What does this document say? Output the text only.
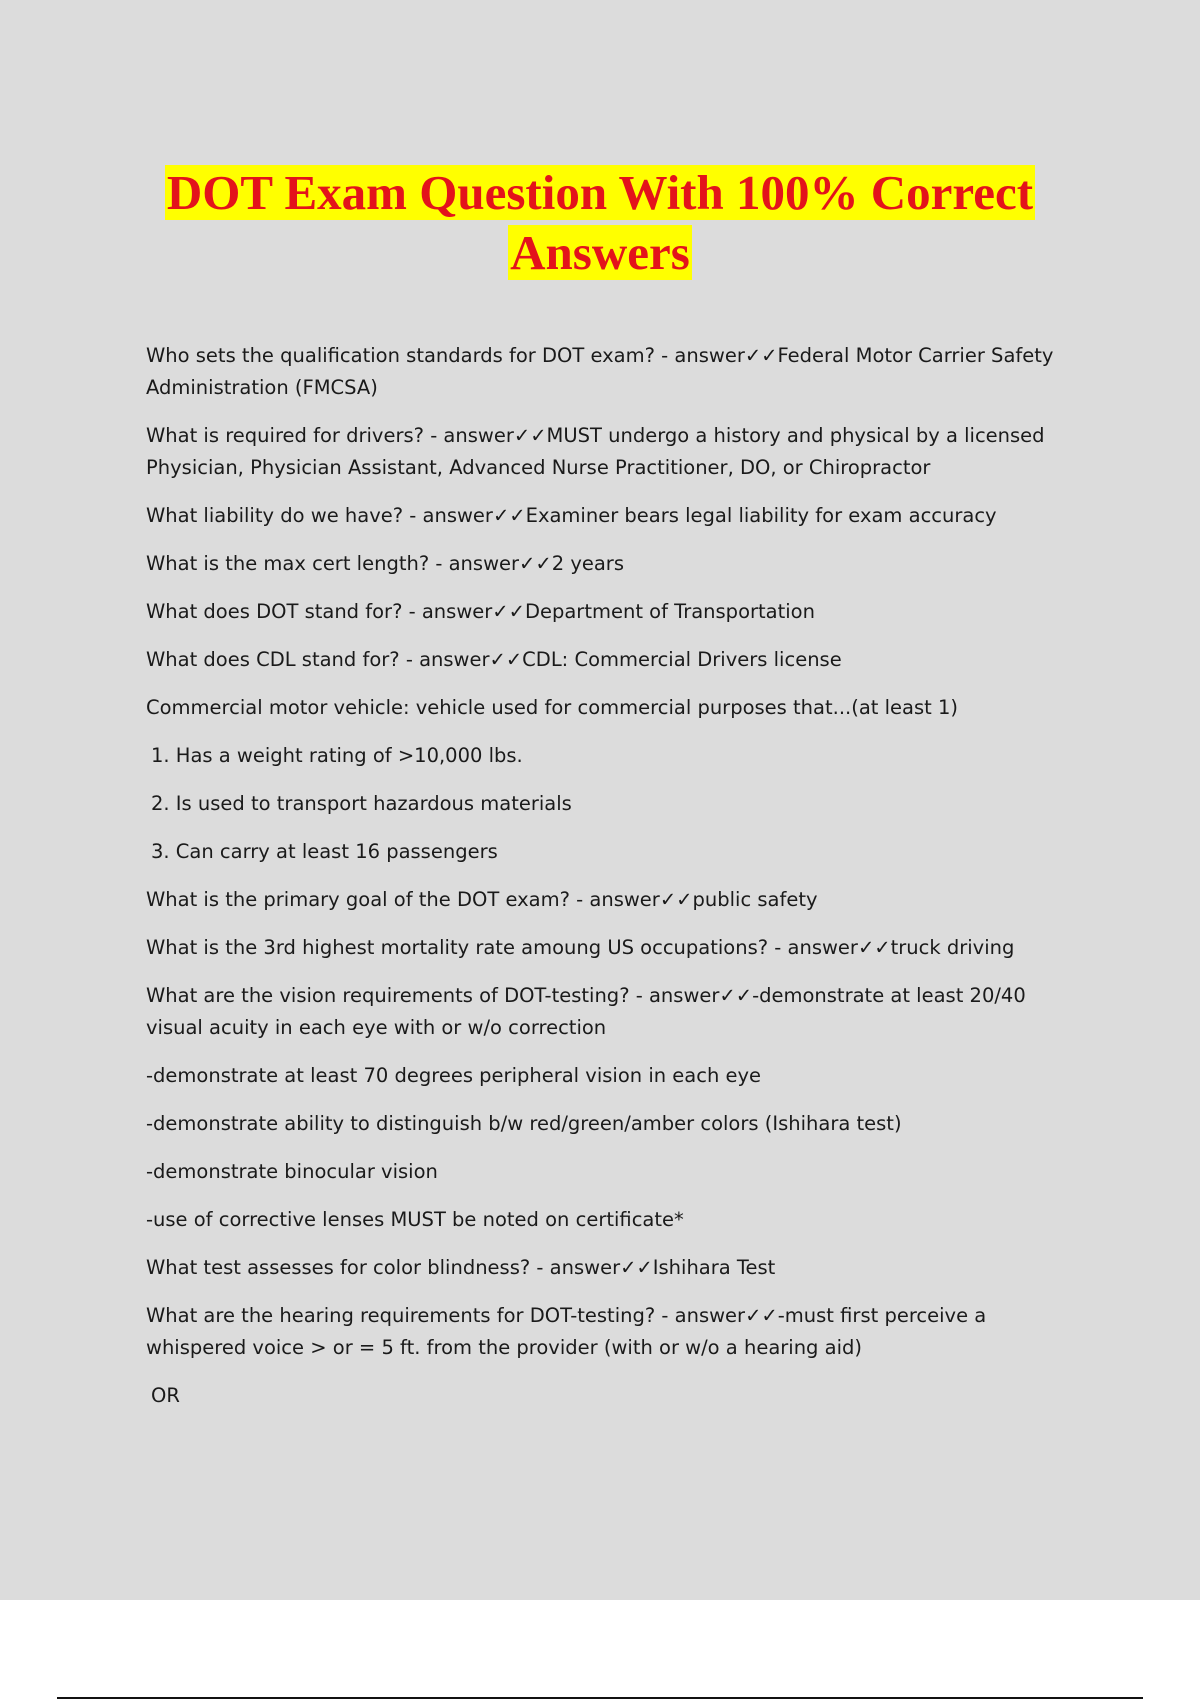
DOT Exam Question With 100% Correct
Answers
Who sets the qualification standards for DOT exam? - answer✓✓Federal Motor Carrier Safety Administration (FMCSA)
What is required for drivers? - answer✓✓MUST undergo a history and physical by a licensed Physician, Physician Assistant, Advanced Nurse Practitioner, DO, or Chiropractor
What liability do we have? - answer✓✓Examiner bears legal liability for exam accuracy
What is the max cert length? - answer✓✓2 years
What does DOT stand for? - answer✓✓Department of Transportation
What does CDL stand for? - answer✓✓CDL: Commercial Drivers license
Commercial motor vehicle: vehicle used for commercial purposes that...(at least 1)
1. Has a weight rating of >10,000 lbs.
2. Is used to transport hazardous materials
3. Can carry at least 16 passengers
What is the primary goal of the DOT exam? - answer✓✓public safety
What is the 3rd highest mortality rate amoung US occupations? - answer✓✓truck driving
What are the vision requirements of DOT-testing? - answer✓✓-demonstrate at least 20/40 visual acuity in each eye with or w/o correction
-demonstrate at least 70 degrees peripheral vision in each eye
-demonstrate ability to distinguish b/w red/green/amber colors (Ishihara test)
-demonstrate binocular vision
-use of corrective lenses MUST be noted on certificate*
What test assesses for color blindness? - answer✓✓Ishihara Test
What are the hearing requirements for DOT-testing? - answer✓✓-must first perceive a whispered voice > or = 5 ft. from the provider (with or w/o a hearing aid)
OR
